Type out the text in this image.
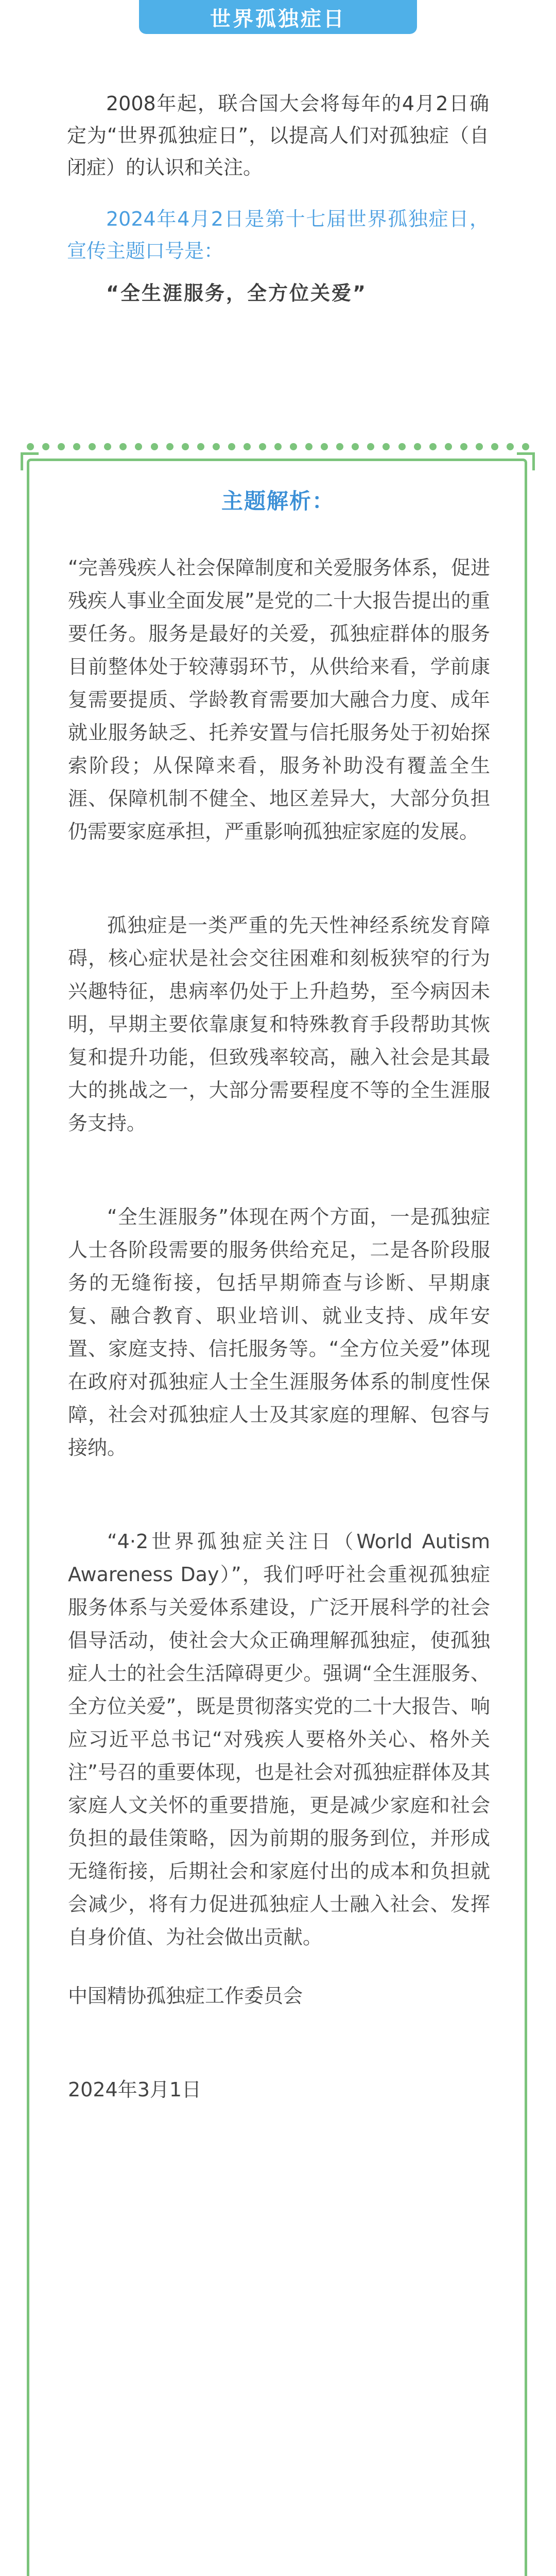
世界孤独症日

2008年起，联合国大会将每年的4月2日确定为“世界孤独症日”，以提高人们对孤独症（自闭症）的认识和关注。

2024年4月2日是第十七届世界孤独症日，宣传主题口号是：

“全生涯服务，全方位关爱”

主题解析：

“完善残疾人社会保障制度和关爱服务体系，促进残疾人事业全面发展”是党的二十大报告提出的重要任务。服务是最好的关爱，孤独症群体的服务目前整体处于较薄弱环节，从供给来看，学前康复需要提质、学龄教育需要加大融合力度、成年就业服务缺乏、托养安置与信托服务处于初始探索阶段；从保障来看，服务补助没有覆盖全生涯、保障机制不健全、地区差异大，大部分负担仍需要家庭承担，严重影响孤独症家庭的发展。

孤独症是一类严重的先天性神经系统发育障碍，核心症状是社会交往困难和刻板狭窄的行为兴趣特征，患病率仍处于上升趋势，至今病因未明，早期主要依靠康复和特殊教育手段帮助其恢复和提升功能，但致残率较高，融入社会是其最大的挑战之一，大部分需要程度不等的全生涯服务支持。

“全生涯服务”体现在两个方面，一是孤独症人士各阶段需要的服务供给充足，二是各阶段服务的无缝衔接，包括早期筛查与诊断、早期康复、融合教育、职业培训、就业支持、成年安置、家庭支持、信托服务等。“全方位关爱”体现在政府对孤独症人士全生涯服务体系的制度性保障，社会对孤独症人士及其家庭的理解、包容与接纳。

“4·2世界孤独症关注日（World Autism Awareness Day）”，我们呼吁社会重视孤独症服务体系与关爱体系建设，广泛开展科学的社会倡导活动，使社会大众正确理解孤独症，使孤独症人士的社会生活障碍更少。强调“全生涯服务、全方位关爱”，既是贯彻落实党的二十大报告、响应习近平总书记“对残疾人要格外关心、格外关注”号召的重要体现，也是社会对孤独症群体及其家庭人文关怀的重要措施，更是减少家庭和社会负担的最佳策略，因为前期的服务到位，并形成无缝衔接，后期社会和家庭付出的成本和负担就会减少，将有力促进孤独症人士融入社会、发挥自身价值、为社会做出贡献。

中国精协孤独症工作委员会

2024年3月1日
